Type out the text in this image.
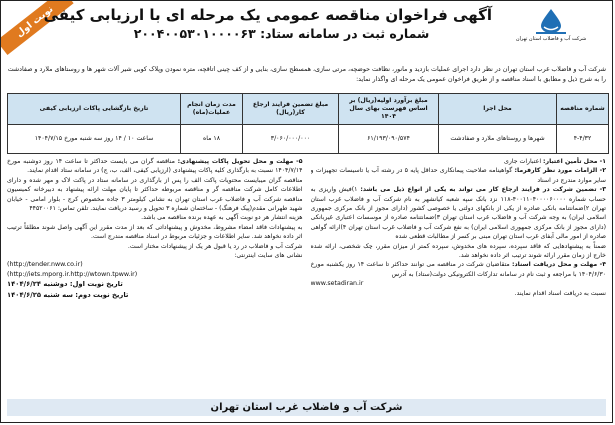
نوبت اول
آگهی فراخوان مناقصه عمومی یک مرحله ای با ارزیابی کیفی
شماره ثبت در سامانه ستاد: ۲۰۰۴۰۰۵۳۰۱۰۰۰۰۶۳	شرکت آب و فاضلاب استان تهران
شرکت آب و فاضلاب غرب استان تهران در نظر دارد اجرای عملیات بازدید و مانور، نظافت حوضچه، مرتی سازی، همسطح سازی، بنایی و از کف چینی اتاقچه، متره نمودن وپلاک کوبی شیر آلات شهر ها و روستاهای ملارد و صفادشت را به شرح ذیل و مطابق با اسناد مناقصه و از طریق فراخوان عمومی یک مرحله ای واگذار نماید:
شماره مناقصه	محل اجرا	مبلغ برآورد اولیه(ریال) بر اساس فهرست بهای سال ۱۴۰۴	مبلغ تضمین فرایند ارجاع کار(ریال)	مدت زمان انجام عملیات(ماه)	تاریخ بازگشایی پاکات ارزیابی کیفی
۴-۴/۳۲	شهرها و روستاهای ملارد و صفادشت	۶۱/۱۹۳/۰۹۰/۵۷۴	۳/۰۶۰/۰۰۰/۰۰۰	۱۸ ماه	ساعت ۱۰ / ۱۴ روز سه شنبه مورخ ۱۴۰۴/۷/۱۵
۱- محل تأمین اعتبار: اعتبارات جاری
۲- الزامات مورد نظر کارفرما: گواهینامه صلاحیت پیمانکاری حداقل پایه ۵ در رشته آب یا تاسیسات تجهیزات و سایر موارد مندرج در اسناد
۳- تضمین شرکت در فرایند ارجاع کار می تواند به یکی از انواع ذیل می باشد: ۱)فیش واریزی به حساب شماره ۴۰۰۱۱۰۴۰۰۰۰۶۰۰۰۰-۱۱۸ نزد بانک سپه شعبه کیانشهر به نام شرکت آب و فاضلاب غرب استان تهران ۲)ضمانتنامه بانکی صادره از یکی از بانکهای دولتی یا خصوصی کشور (دارای مجوز از بانک مرکزی جمهوری اسلامی ایران) به وجه شرکت آب و فاضلاب غرب استان تهران ۳)ضمانتنامه صادره از موسسات اعتباری غیربانکی (دارای مجوز از بانک مرکزی جمهوری اسلامی ایران) به نفع شرکت آب و فاضلاب غرب استان تهران ۴)ارائه گواهی صادره از امور مالی آبفای غرب استان تهران مبنی بر کسر از مطالبات قطعی شده
ضمناً به پیشنهادهایی که فاقد سپرده، سپرده های مخدوش، سپرده کمتر از میزان مقرر، چک شخصی، ارائه شده خارج از زمان مقرر ارائه شوند ترتیب اثر داده نخواهد شد.
۴- مهلت و محل دریافت اسناد: متقاضیان شرکت در مناقصه می توانند حداکثر تا ساعت ۱۴ روز یکشنبه مورخ ۱۴۰۴/۶/۳۰ با مراجعه و ثبت نام در سامانه تدارکات الکترونیکی دولت(ستاد) به آدرس
www.setadiran.ir
نسبت به دریافت اسناد اقدام نمایند.
۵- مهلت و محل تحویل پاکات پیشنهادی: مناقصه گران می بایست حداکثر تا ساعت ۱۴ روز دوشنبه مورخ ۱۴۰۴/۷/۱۴ نسبت به بارگذاری کلیه پاکات پیشنهادی (ارزیابی کیفی، الف، ب، ج) در سامانه ستاد اقدام نمایند.
مناقصه گران میبایست محتویات پاکت الف را پس از بارگذاری در سامانه ستاد در پاکت لاک و مهر شده و دارای اطلاعات کامل شرکت مناقصه گر و مناقصه مربوطه حداکثر تا پایان مهلت ارائه پیشنهاد به دبیرخانه کمیسیون مناقصه شرکت آب و فاضلاب غرب استان تهران به نشانی کیلومتر ۳ جاده مخصوص کرج - بلوار امامی - خیابان شهید طهرانی مقدم(پیک فرهنگ) - ساختمان شماره ۳ تحویل و رسید دریافت نمایند. تلفن تماس: ۴۴۵۲۰۰۶۱
هزینه انتشار هر دو نوبت آگهی به عهده برنده مناقصه می باشد.
به پیشنهادات فاقد امضاء مشروط، مخدوش و پیشنهاداتی که بعد از مدت مقرر این آگهی واصل شوند مطلقاً ترتیب اثر داده نخواهد شد. سایر اطلاعات و جزئیات مربوط در اسناد مناقصه مندرج است.
شرکت آب و فاضلاب در رد یا قبول هر یک از پیشنهادات مختار است.
نشانی های سایت اینترنتی:
(http://tender.nww.co.ir)
(http://iets.mporg.ir.http://wtown.tpww.ir)
تاریخ نوبت اول: دوشنبه ۱۴۰۴/۶/۲۴
تاریخ نوبت دوم: سه شنبه ۱۴۰۴/۶/۲۵
شرکت آب و فاضلاب غرب استان تهران
